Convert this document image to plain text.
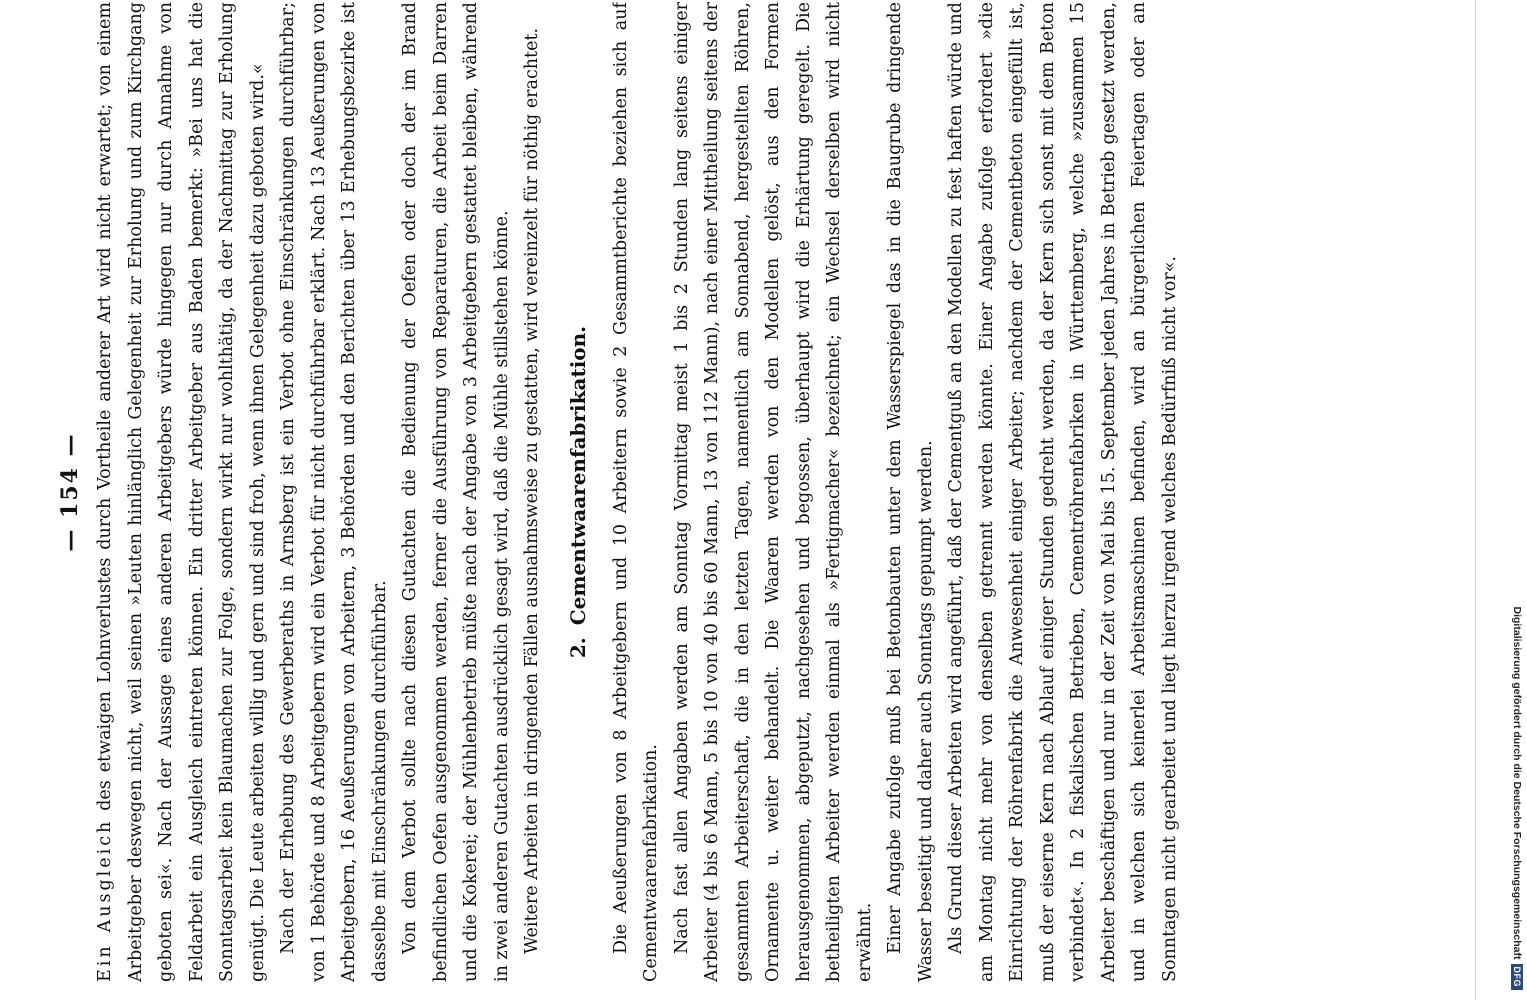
— 154 —

Ein Ausgleich des etwaigen Lohnverlustes durch Vortheile anderer Art wird nicht erwartet; von einem Arbeitgeber deswegen nicht, weil seinen »Leuten hinlänglich Gelegenheit zur Erholung und zum Kirchgang geboten sei«. Nach der Aussage eines anderen Arbeitgebers würde hingegen nur durch Annahme von Feldarbeit ein Ausgleich eintreten können. Ein dritter Arbeitgeber aus Baden bemerkt: »Bei uns hat die Sonntagsarbeit kein Blaumachen zur Folge, sondern wirkt nur wohlthätig, da der Nachmittag zur Erholung genügt. Die Leute arbeiten willig und gern und sind froh, wenn ihnen Gelegenheit dazu geboten wird.« Nach der Erhebung des Gewerberaths in Arnsberg ist ein Verbot ohne Einschränkungen durchführbar; von 1 Behörde und 8 Arbeitgebern wird ein Verbot für nicht durchführbar erklärt. Nach 13 Aeußerungen von Arbeitgebern, 16 Aeußerungen von Arbeitern, 3 Behörden und den Berichten über 13 Erhebungsbezirke ist dasselbe mit Einschränkungen durchführbar. Von dem Verbot sollte nach diesen Gutachten die Bedienung der Oefen oder doch der im Brand befindlichen Oefen ausgenommen werden, ferner die Ausführung von Reparaturen, die Arbeit beim Darren und die Kokerei; der Mühlenbetrieb müßte nach der Angabe von 3 Arbeitgebern gestattet bleiben, während in zwei anderen Gutachten ausdrücklich gesagt wird, daß die Mühle stillstehen könne. Weitere Arbeiten in dringenden Fällen ausnahmsweise zu gestatten, wird vereinzelt für nöthig erachtet.	2.Cementwaarenfabrikation.	Die Aeußerungen von 8 Arbeitgebern und 10 Arbeitern sowie 2 Gesammtberichte beziehen sich auf Cementwaarenfabrikation. Nach fast allen Angaben werden am Sonntag Vormittag meist 1 bis 2 Stunden lang seitens einiger Arbeiter (4 bis 6 Mann, 5 bis 10 von 40 bis 60 Mann, 13 von 112 Mann), nach einer Mittheilung seitens der gesammten Arbeiterschaft, die in den letzten Tagen, namentlich am Sonnabend, hergestellten Röhren, Ornamente u. weiter behandelt. Die Waaren werden von den Modellen gelöst, aus den Formen herausgenommen, abgeputzt, nachgesehen und begossen, überhaupt wird die Erhärtung geregelt. Die betheiligten Arbeiter werden einmal als »Fertigmacher« bezeichnet; ein Wechsel derselben wird nicht erwähnt. Einer Angabe zufolge muß bei Betonbauten unter dem Wasserspiegel das in die Baugrube dringende Wasser beseitigt und daher auch Sonntags gepumpt werden. Als Grund dieser Arbeiten wird angeführt, daß der Cementguß an den Modellen zu fest haften würde und am Montag nicht mehr von denselben getrennt werden könnte. Einer Angabe zufolge erfordert »die Einrichtung der Röhrenfabrik die Anwesenheit einiger Arbeiter; nachdem der Cementbeton eingefüllt ist, muß der eiserne Kern nach Ablauf einiger Stunden gedreht werden, da der Kern sich sonst mit dem Beton verbindet«. In 2 fiskalischen Betrieben, Cementröhrenfabriken in Württemberg, welche »zusammen 15 Arbeiter beschäftigen und nur in der Zeit von Mai bis 15. September jeden Jahres in Betrieb gesetzt werden, und in welchen sich keinerlei Arbeitsmaschinen befinden, wird an bürgerlichen Feiertagen oder an Sonntagen nicht gearbeitet und liegt hierzu irgend welches Bedürfniß nicht vor«.	Digitalisierung gefördert durch die Deutsche Forschungsgemeinschaft
DFG
